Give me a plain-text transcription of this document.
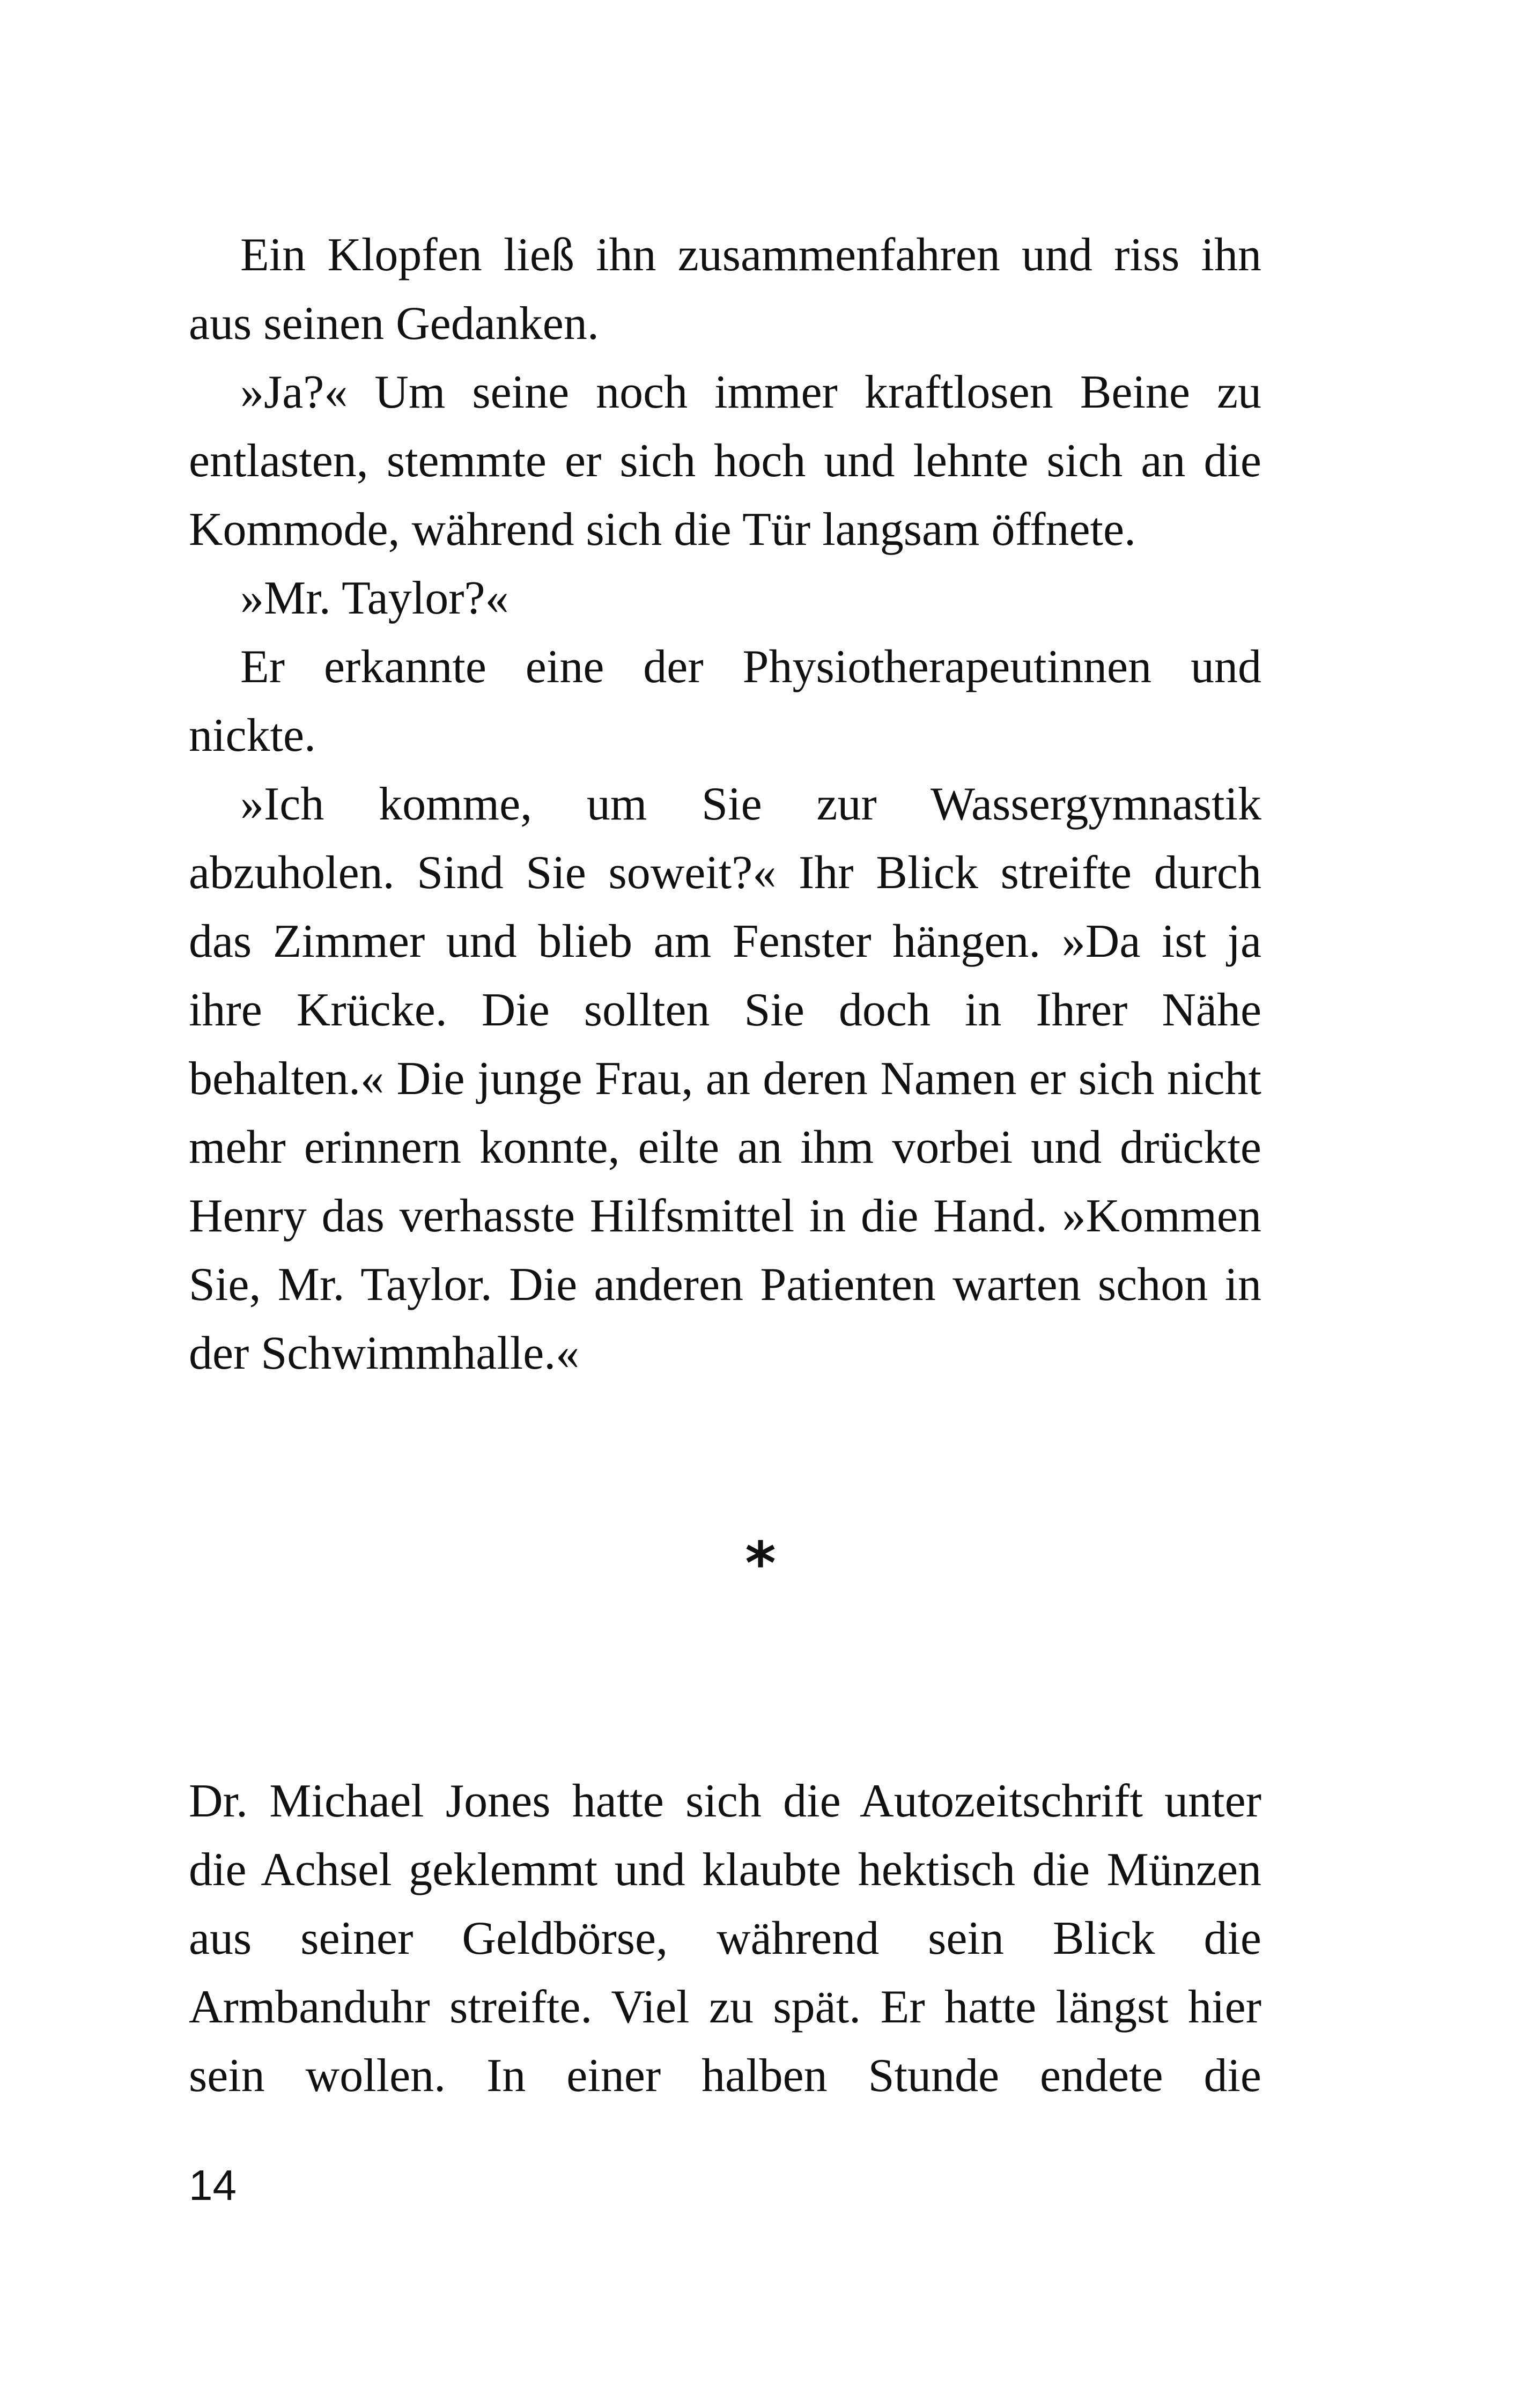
Ein Klopfen ließ ihn zusammenfahren und riss ihn aus seinen Gedanken.

»Ja?« Um seine noch immer kraftlosen Beine zu entlasten, stemmte er sich hoch und lehnte sich an die Kommode, während sich die Tür langsam öffnete.

»Mr. Taylor?«

Er erkannte eine der Physiotherapeutinnen und nickte.

»Ich komme, um Sie zur Wassergymnastik abzuholen. Sind Sie soweit?« Ihr Blick streifte durch das Zimmer und blieb am Fenster hängen. »Da ist ja ihre Krücke. Die sollten Sie doch in Ihrer Nähe behalten.« Die junge Frau, an deren Namen er sich nicht mehr erinnern konnte, eilte an ihm vorbei und drückte Henry das verhasste Hilfsmittel in die Hand. »Kommen Sie, Mr. Taylor. Die anderen Patienten warten schon in der Schwimmhalle.«

*

Dr. Michael Jones hatte sich die Autozeitschrift unter die Achsel geklemmt und klaubte hektisch die Münzen aus seiner Geldbörse, während sein Blick die Armbanduhr streifte. Viel zu spät. Er hatte längst hier sein wollen. In einer halben Stunde endete die

14
